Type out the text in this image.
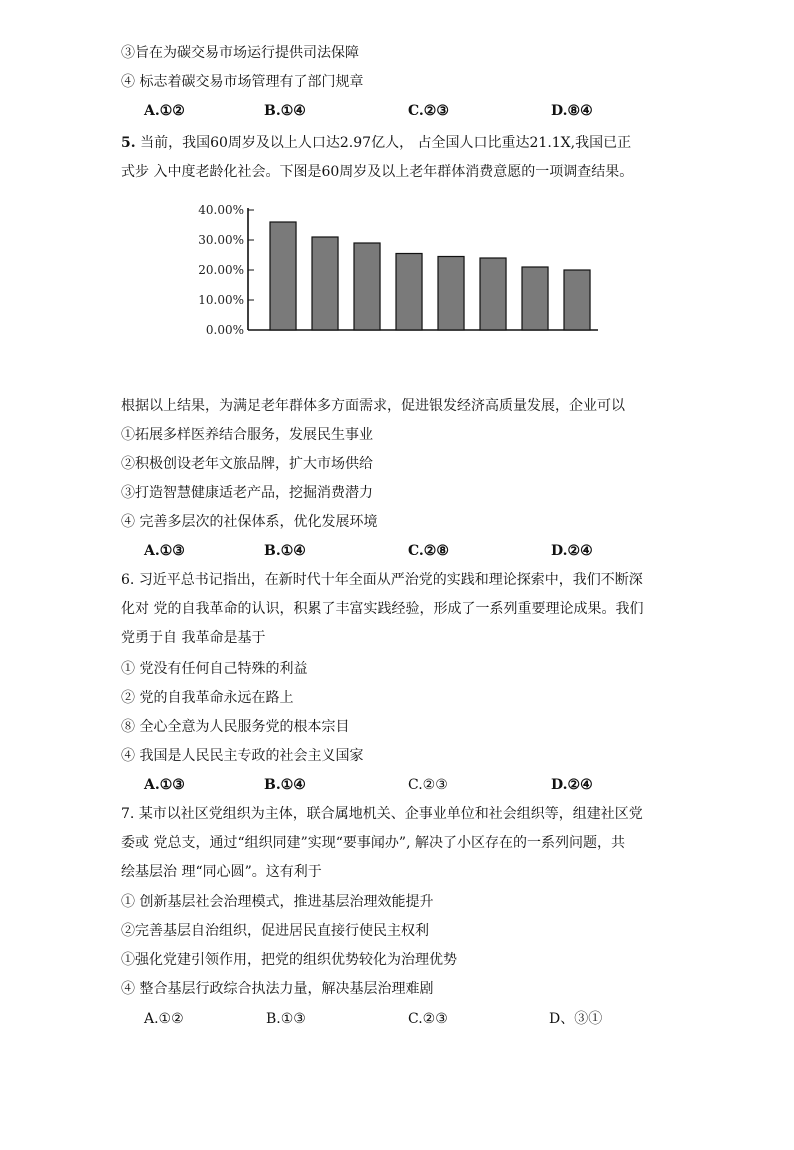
③旨在为碳交易市场运行提供司法保障
④ 标志着碳交易市场管理有了部门规章
A.①②	B.①④	C.②③	D.⑧④
5. 当前，我国60周岁及以上人口达2.97亿人， 占全国人口比重达21.1X,我国已正
式步 入中度老龄化社会。下图是60周岁及以上老年群体消费意愿的一项调查结果。
0.00%
10.00%
20.00%
30.00%
40.00%
根据以上结果，为满足老年群体多方面需求，促进银发经济高质量发展，企业可以
①拓展多样医养结合服务，发展民生事业
②积极创设老年文旅品牌，扩大市场供给
③打造智慧健康适老产品，挖掘消费潜力
④ 完善多层次的社保体系，优化发展环境
A.①③	B.①④	C.②⑧	D.②④
6. 习近平总书记指出，在新时代十年全面从严治党的实践和理论探索中，我们不断深
化对 党的自我革命的认识，积累了丰富实践经验，形成了一系列重要理论成果。我们
党勇于自 我革命是基于
① 党没有任何自己特殊的利益
② 党的自我革命永远在路上
⑧ 全心全意为人民服务党的根本宗目
④ 我国是人民民主专政的社会主义国家
A.①③	B.①④	C.②③	D.②④
7. 某市以社区党组织为主体，联合属地机关、企事业单位和社会组织等，组建社区党
委或 党总支，通过“组织同建”实现“要事闻办”, 解决了小区存在的一系列问题，共
绘基层治 理“同心圆”。这有利于
① 创新基层社会治理模式，推进基层治理效能提升
②完善基层自治组织，促进居民直接行使民主权利
①强化党建引领作用，把党的组织优势较化为治理优势
④ 整合基层行政综合执法力量，解决基层治理难剧
A.①②	B.①③	C.②③	D、③①
